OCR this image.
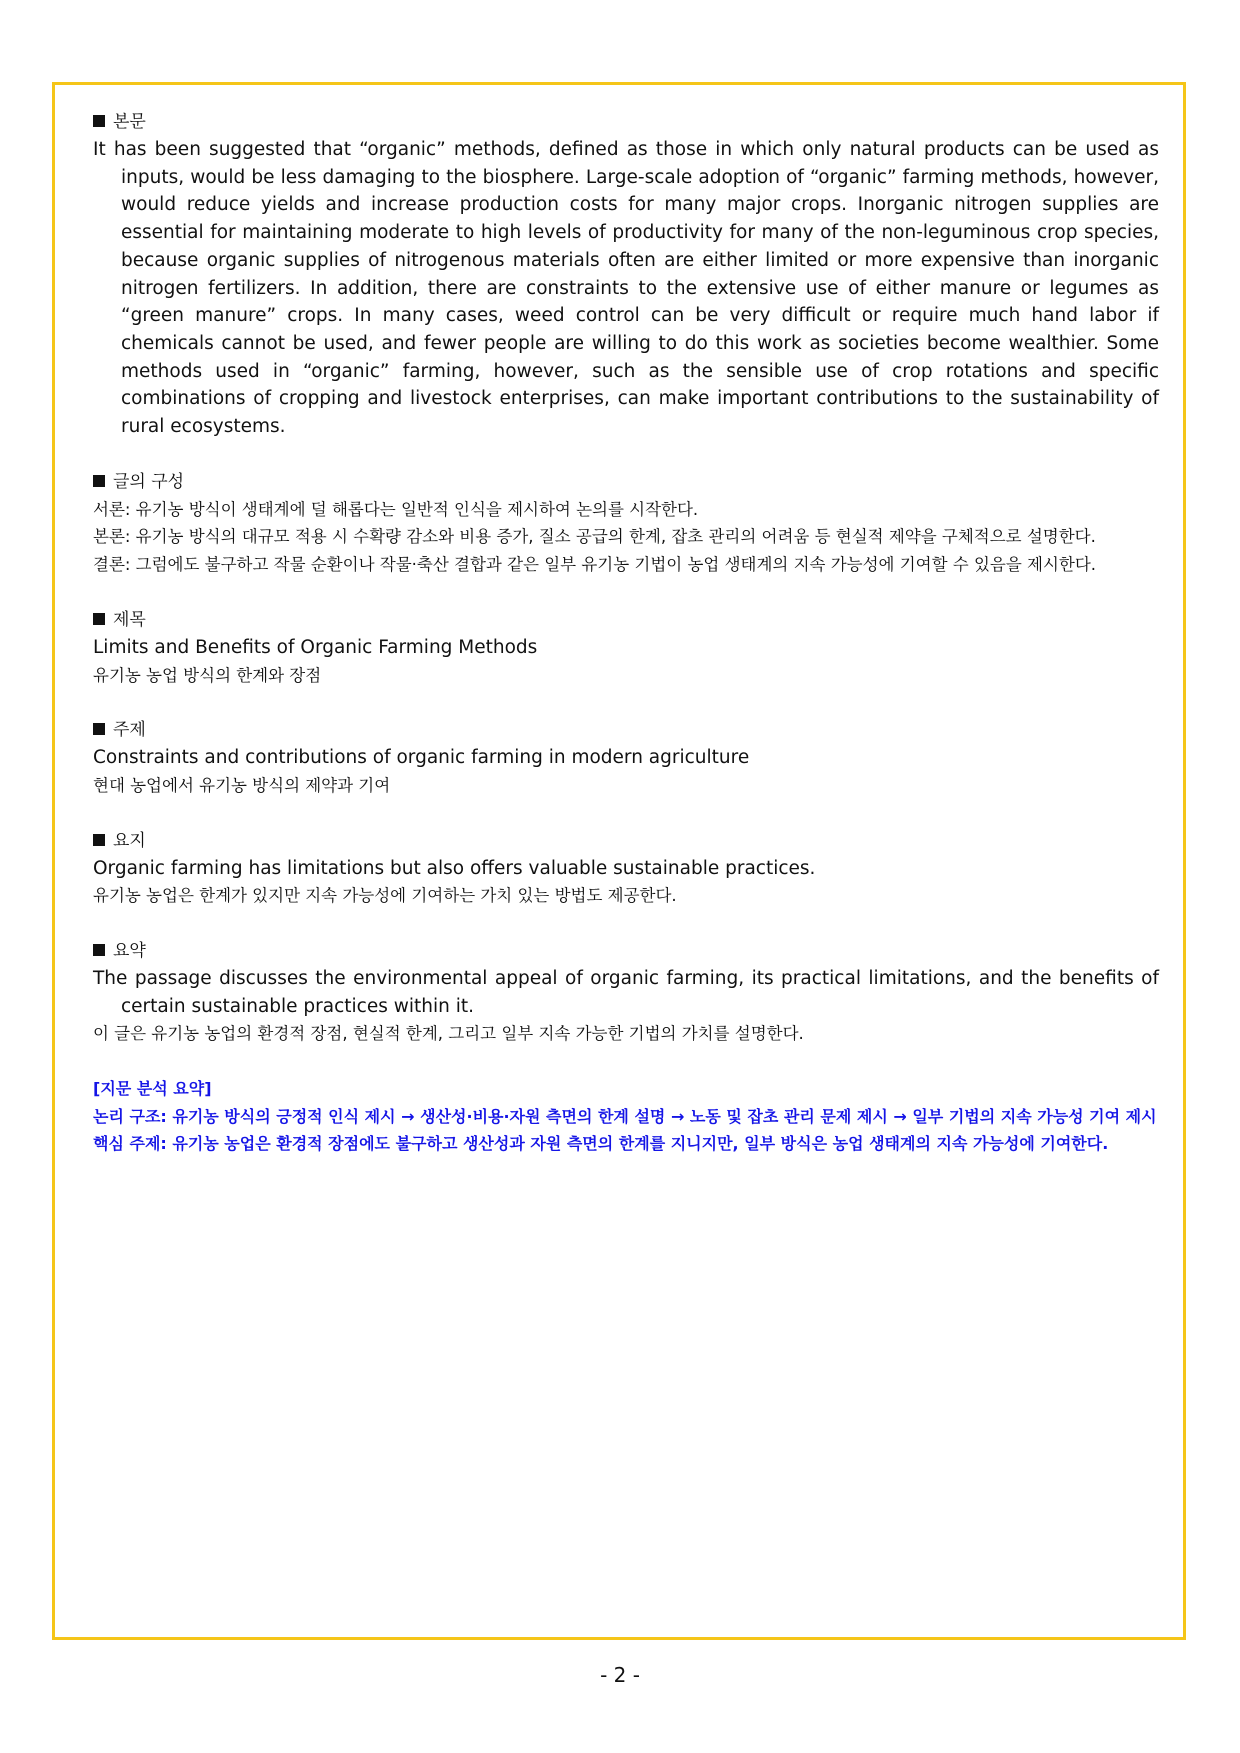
본문

It has been suggested that “organic” methods, defined as those in which only natural products can be used as inputs, would be less damaging to the biosphere. Large-scale adoption of “organic” farming methods, however, would reduce yields and increase production costs for many major crops. Inorganic nitrogen supplies are essential for maintaining moderate to high levels of productivity for many of the non-leguminous crop species, because organic supplies of nitrogenous materials often are either limited or more expensive than inorganic nitrogen fertilizers. In addition, there are constraints to the extensive use of either manure or legumes as “green manure” crops. In many cases, weed control can be very difficult or require much hand labor if chemicals cannot be used, and fewer people are willing to do this work as societies become wealthier. Some methods used in “organic” farming, however, such as the sensible use of crop rotations and specific combinations of cropping and livestock enterprises, can make important contributions to the sustainability of rural ecosystems.

글의 구성

서론: 유기농 방식이 생태계에 덜 해롭다는 일반적 인식을 제시하여 논의를 시작한다.

본론: 유기농 방식의 대규모 적용 시 수확량 감소와 비용 증가, 질소 공급의 한계, 잡초 관리의 어려움 등 현실적 제약을 구체적으로 설명한다.

결론: 그럼에도 불구하고 작물 순환이나 작물·축산 결합과 같은 일부 유기농 기법이 농업 생태계의 지속 가능성에 기여할 수 있음을 제시한다.

제목

Limits and Benefits of Organic Farming Methods

유기농 농업 방식의 한계와 장점

주제

Constraints and contributions of organic farming in modern agriculture

현대 농업에서 유기농 방식의 제약과 기여

요지

Organic farming has limitations but also offers valuable sustainable practices.

유기농 농업은 한계가 있지만 지속 가능성에 기여하는 가치 있는 방법도 제공한다.

요약

The passage discusses the environmental appeal of organic farming, its practical limitations, and the benefits of certain sustainable practices within it.

이 글은 유기농 농업의 환경적 장점, 현실적 한계, 그리고 일부 지속 가능한 기법의 가치를 설명한다.

[지문 분석 요약]

논리 구조: 유기농 방식의 긍정적 인식 제시 → 생산성·비용·자원 측면의 한계 설명 → 노동 및 잡초 관리 문제 제시 → 일부 기법의 지속 가능성 기여 제시

핵심 주제: 유기농 농업은 환경적 장점에도 불구하고 생산성과 자원 측면의 한계를 지니지만, 일부 방식은 농업 생태계의 지속 가능성에 기여한다.

- 2 -
